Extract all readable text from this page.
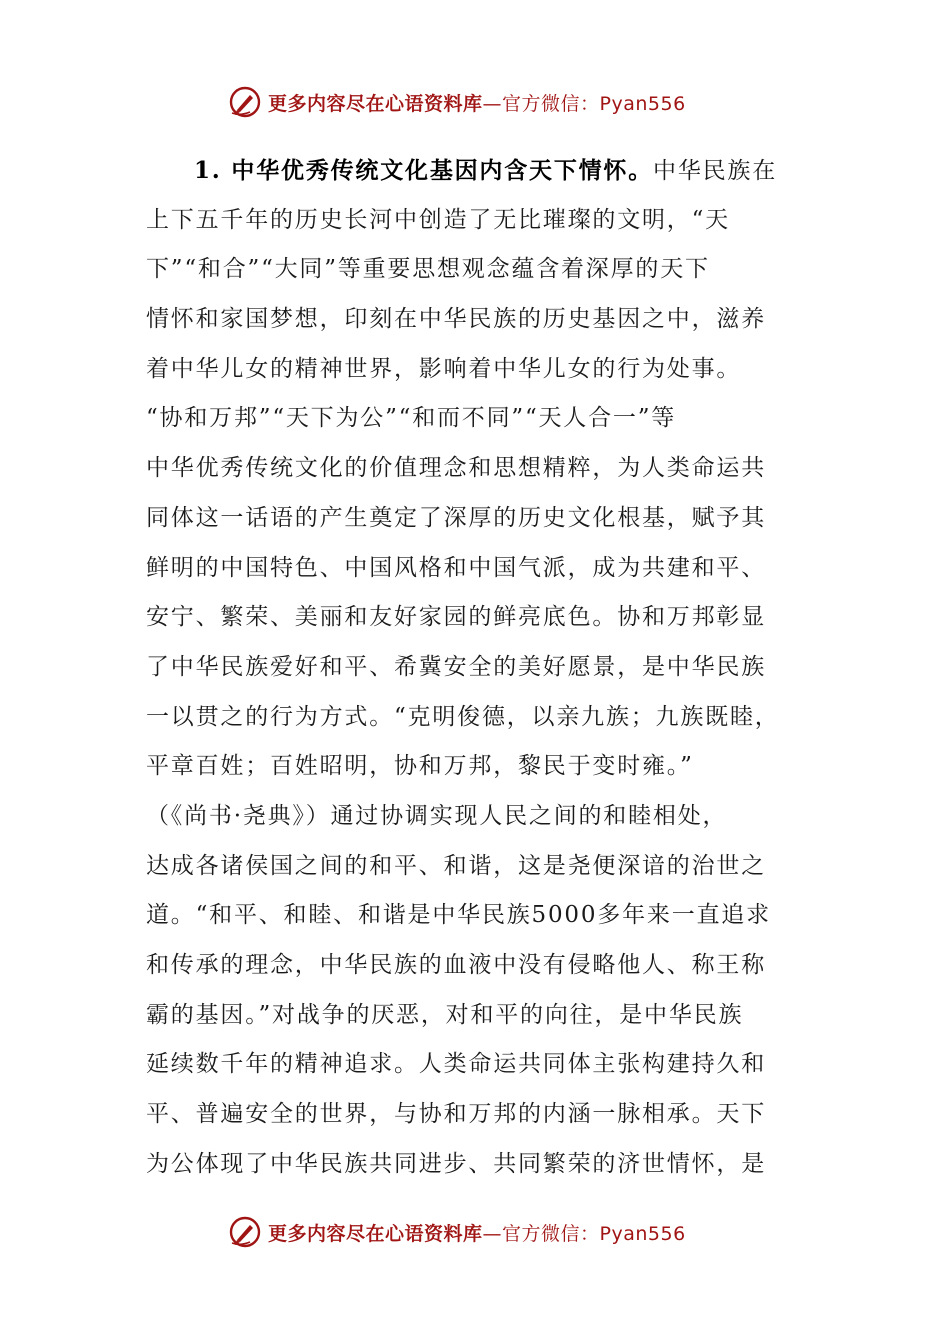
更多内容尽在心语资料库—官方微信：Pyan556
1. 中华优秀传统文化基因内含天下情怀。中华民族在
上下五千年的历史长河中创造了无比璀璨的文明，“天
下”“和合”“大同”等重要思想观念蕴含着深厚的天下
情怀和家国梦想，印刻在中华民族的历史基因之中，滋养
着中华儿女的精神世界，影响着中华儿女的行为处事。
“协和万邦”“天下为公”“和而不同”“天人合一”等
中华优秀传统文化的价值理念和思想精粹，为人类命运共
同体这一话语的产生奠定了深厚的历史文化根基，赋予其
鲜明的中国特色、中国风格和中国气派，成为共建和平、
安宁、繁荣、美丽和友好家园的鲜亮底色。协和万邦彰显
了中华民族爱好和平、希冀安全的美好愿景，是中华民族
一以贯之的行为方式。“克明俊德，以亲九族；九族既睦，
平章百姓；百姓昭明，协和万邦，黎民于变时雍。”
（《尚书·尧典》）通过协调实现人民之间的和睦相处，
达成各诸侯国之间的和平、和谐，这是尧便深谙的治世之
道。“和平、和睦、和谐是中华民族5000多年来一直追求
和传承的理念，中华民族的血液中没有侵略他人、称王称
霸的基因。”对战争的厌恶，对和平的向往，是中华民族
延续数千年的精神追求。人类命运共同体主张构建持久和
平、普遍安全的世界，与协和万邦的内涵一脉相承。天下
为公体现了中华民族共同进步、共同繁荣的济世情怀，是
更多内容尽在心语资料库—官方微信：Pyan556
